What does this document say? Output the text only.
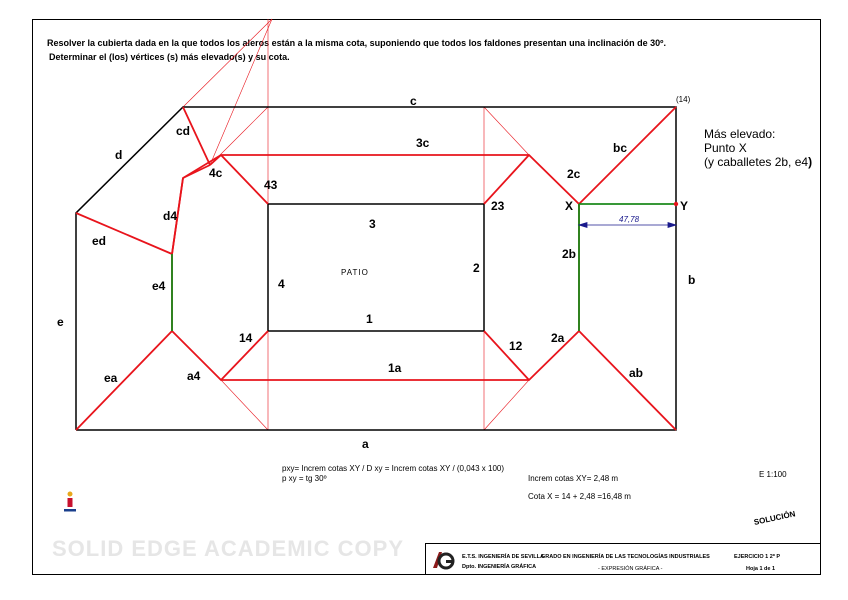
Resolver la cubierta dada en la que todos los aleros están a la misma cota, suponiendo que todos los faldones presentan una inclinación de 30º.
Determinar el (los) vértices (s) más elevado(s) y su cota.
c
d
e
a
b
(14)
cd
ed
d4
4c
e4
ea	a4
3c	bc
2c
X	Y
2b
2a
ab
1a
43
23
3
2
4
1
14
12
PATIO
47,78
Más elevado:
Punto X
(y caballetes 2b, e4)
pxy= Increm cotas XY / D xy = Increm cotas XY / (0,043 x 100)
p xy = tg 30º	Increm cotas XY= 2,48 m
Cota X = 14 + 2,48 =16,48 m
E 1:100
SOLUCIÓN
SOLID EDGE ACADEMIC COPY	E.T.S. INGENIERÍA DE SEVILLA
Dpto. INGENIERÍA GRÁFICA
GRADO EN INGENIERÍA DE LAS TECNOLOGÍAS INDUSTRIALES
- EXPRESIÓN GRÁFICA -
EJERCICIO 1 2º P
Hoja 1 de 1
